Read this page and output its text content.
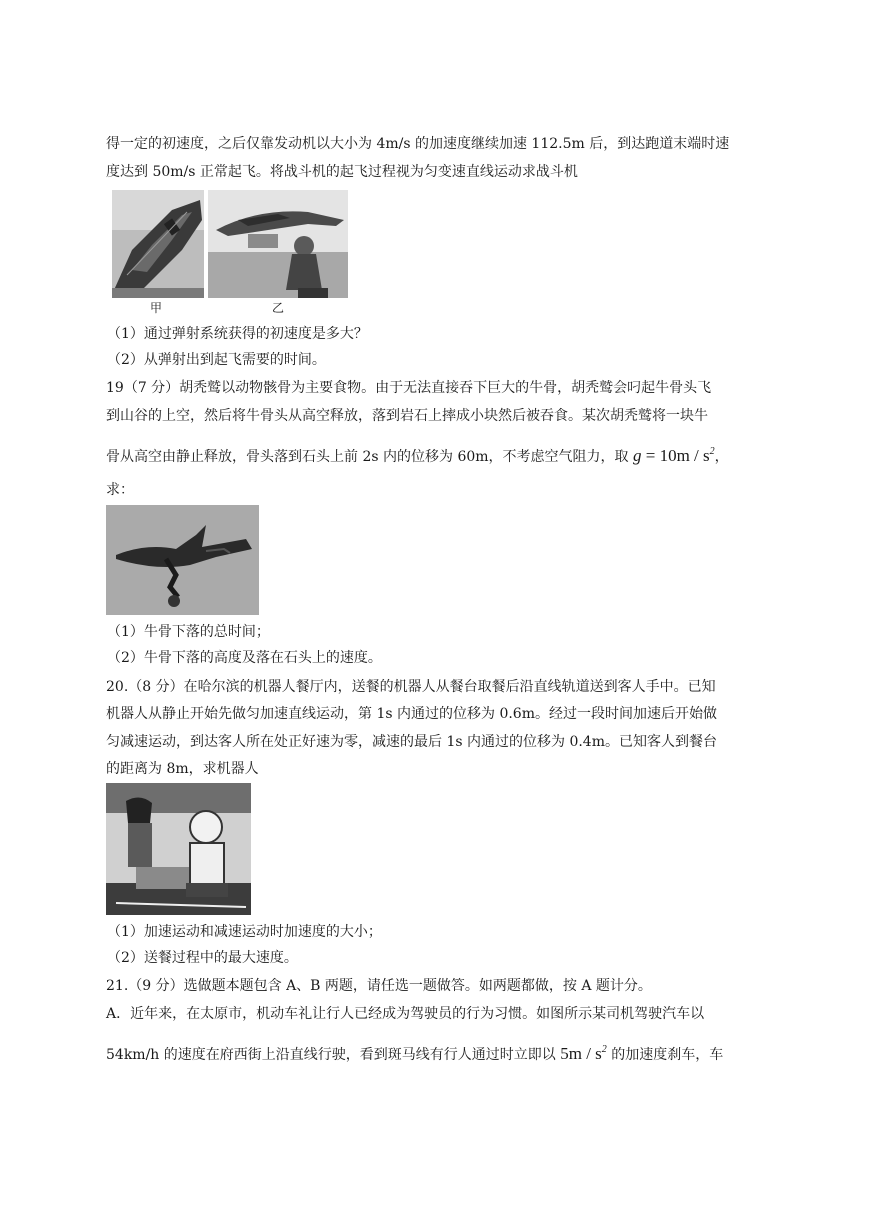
得一定的初速度，之后仅靠发动机以大小为 4m/s 的加速度继续加速 112.5m 后，到达跑道末端时速
度达到 50m/s 正常起飞。将战斗机的起飞过程视为匀变速直线运动求战斗机
甲	乙
（1）通过弹射系统获得的初速度是多大？
（2）从弹射出到起飞需要的时间。
19（7 分）胡秃鹫以动物骸骨为主要食物。由于无法直接吞下巨大的牛骨，胡秃鹫会叼起牛骨头飞
到山谷的上空，然后将牛骨头从高空释放，落到岩石上摔成小块然后被吞食。某次胡秃鹫将一块牛
骨从高空由静止释放，骨头落到石头上前 2s 内的位移为 60m，不考虑空气阻力，取 $g = 10m / s^2$，
求：
（1）牛骨下落的总时间；
（2）牛骨下落的高度及落在石头上的速度。
20.（8 分）在哈尔滨的机器人餐厅内，送餐的机器人从餐台取餐后沿直线轨道送到客人手中。已知
机器人从静止开始先做匀加速直线运动，第 1s 内通过的位移为 0.6m。经过一段时间加速后开始做
匀减速运动，到达客人所在处正好速为零，减速的最后 1s 内通过的位移为 0.4m。已知客人到餐台
的距离为 8m，求机器人
（1）加速运动和减速运动时加速度的大小；
（2）送餐过程中的最大速度。
21.（9 分）选做题本题包含 A、B 两题，请任选一题做答。如两题都做，按 A 题计分。
A．近年来，在太原市，机动车礼让行人已经成为驾驶员的行为习惯。如图所示某司机驾驶汽车以
54km/h 的速度在府西街上沿直线行驶，看到斑马线有行人通过时立即以 $5m / s^2$ 的加速度刹车，车
